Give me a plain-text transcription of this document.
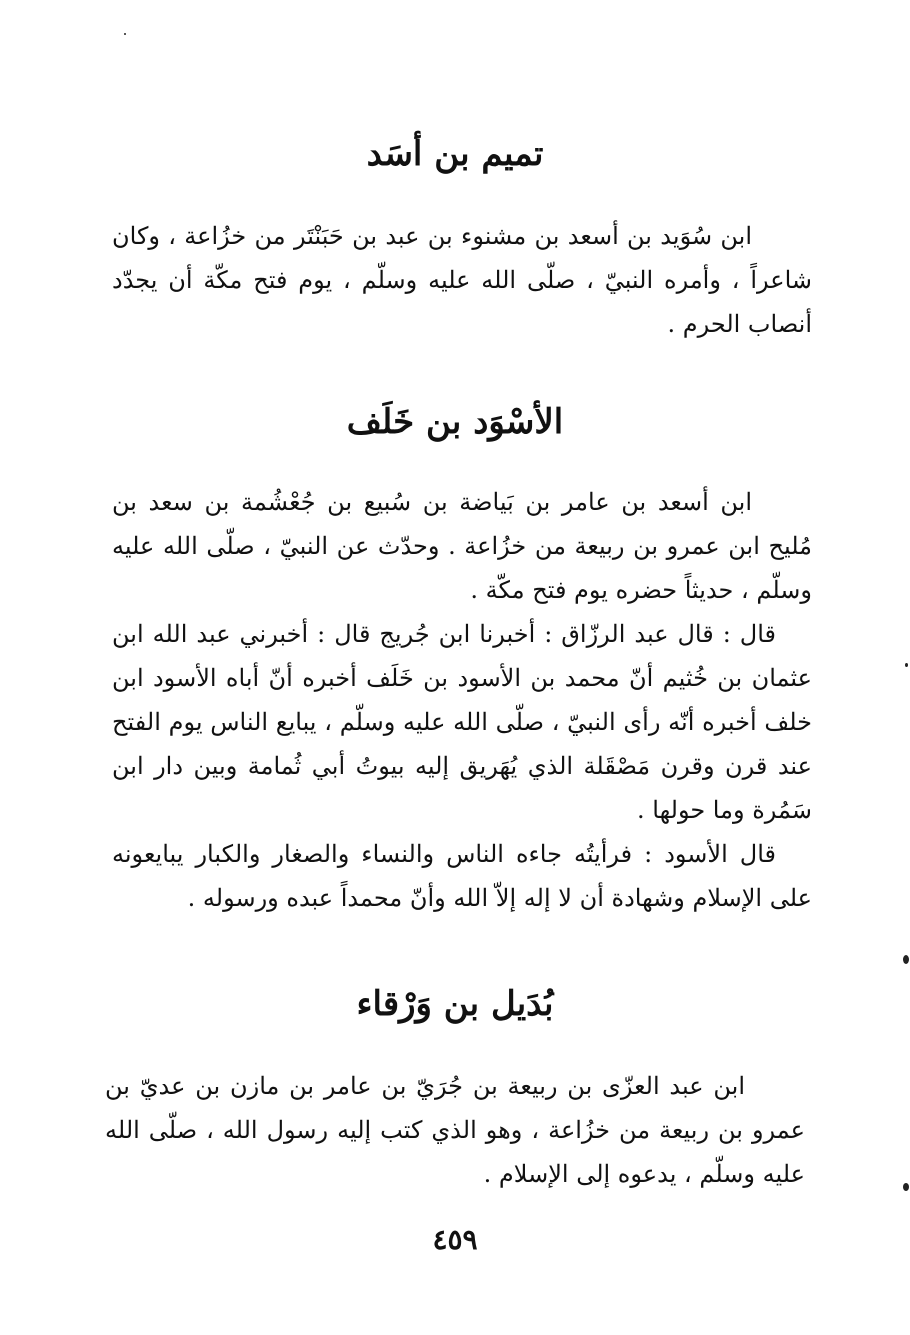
تميم بن أسَد

ابن سُوَيد بن أسعد بن مشنوء بن عبد بن حَبَنْتَر من خزُاعة ، وكان شاعراً ، وأمره النبيّ ، صلّى الله عليه وسلّم ، يوم فتح مكّة أن يجدّد أنصاب الحرم .

الأسْوَد بن خَلَف

ابن أسعد بن عامر بن بَياضة بن سُبيع بن جُعْشُمة بن سعد بن مُليح ابن عمرو بن ربيعة من خزُاعة . وحدّث عن النبيّ ، صلّى الله عليه وسلّم ، حديثاً حضره يوم فتح مكّة .

قال : قال عبد الرزّاق : أخبرنا ابن جُريج قال : أخبرني عبد الله ابن عثمان بن خُثيم أنّ محمد بن الأسود بن خَلَف أخبره أنّ أباه الأسود ابن خلف أخبره أنّه رأى النبيّ ، صلّى الله عليه وسلّم ، يبايع الناس يوم الفتح عند قرن وقرن مَصْقَلة الذي يُهَريق إليه بيوتُ أبي ثُمامة وبين دار ابن سَمُرة وما حولها .

قال الأسود : فرأيتُه جاءه الناس والنساء والصغار والكبار يبايعونه على الإسلام وشهادة أن لا إله إلاّ الله وأنّ محمداً عبده ورسوله .

بُدَيل بن وَرْقاء

ابن عبد العزّى بن ربيعة بن جُرَيّ بن عامر بن مازن بن عديّ بن عمرو بن ربيعة من خزُاعة ، وهو الذي كتب إليه رسول الله ، صلّى الله عليه وسلّم ، يدعوه إلى الإسلام .

٤٥٩
